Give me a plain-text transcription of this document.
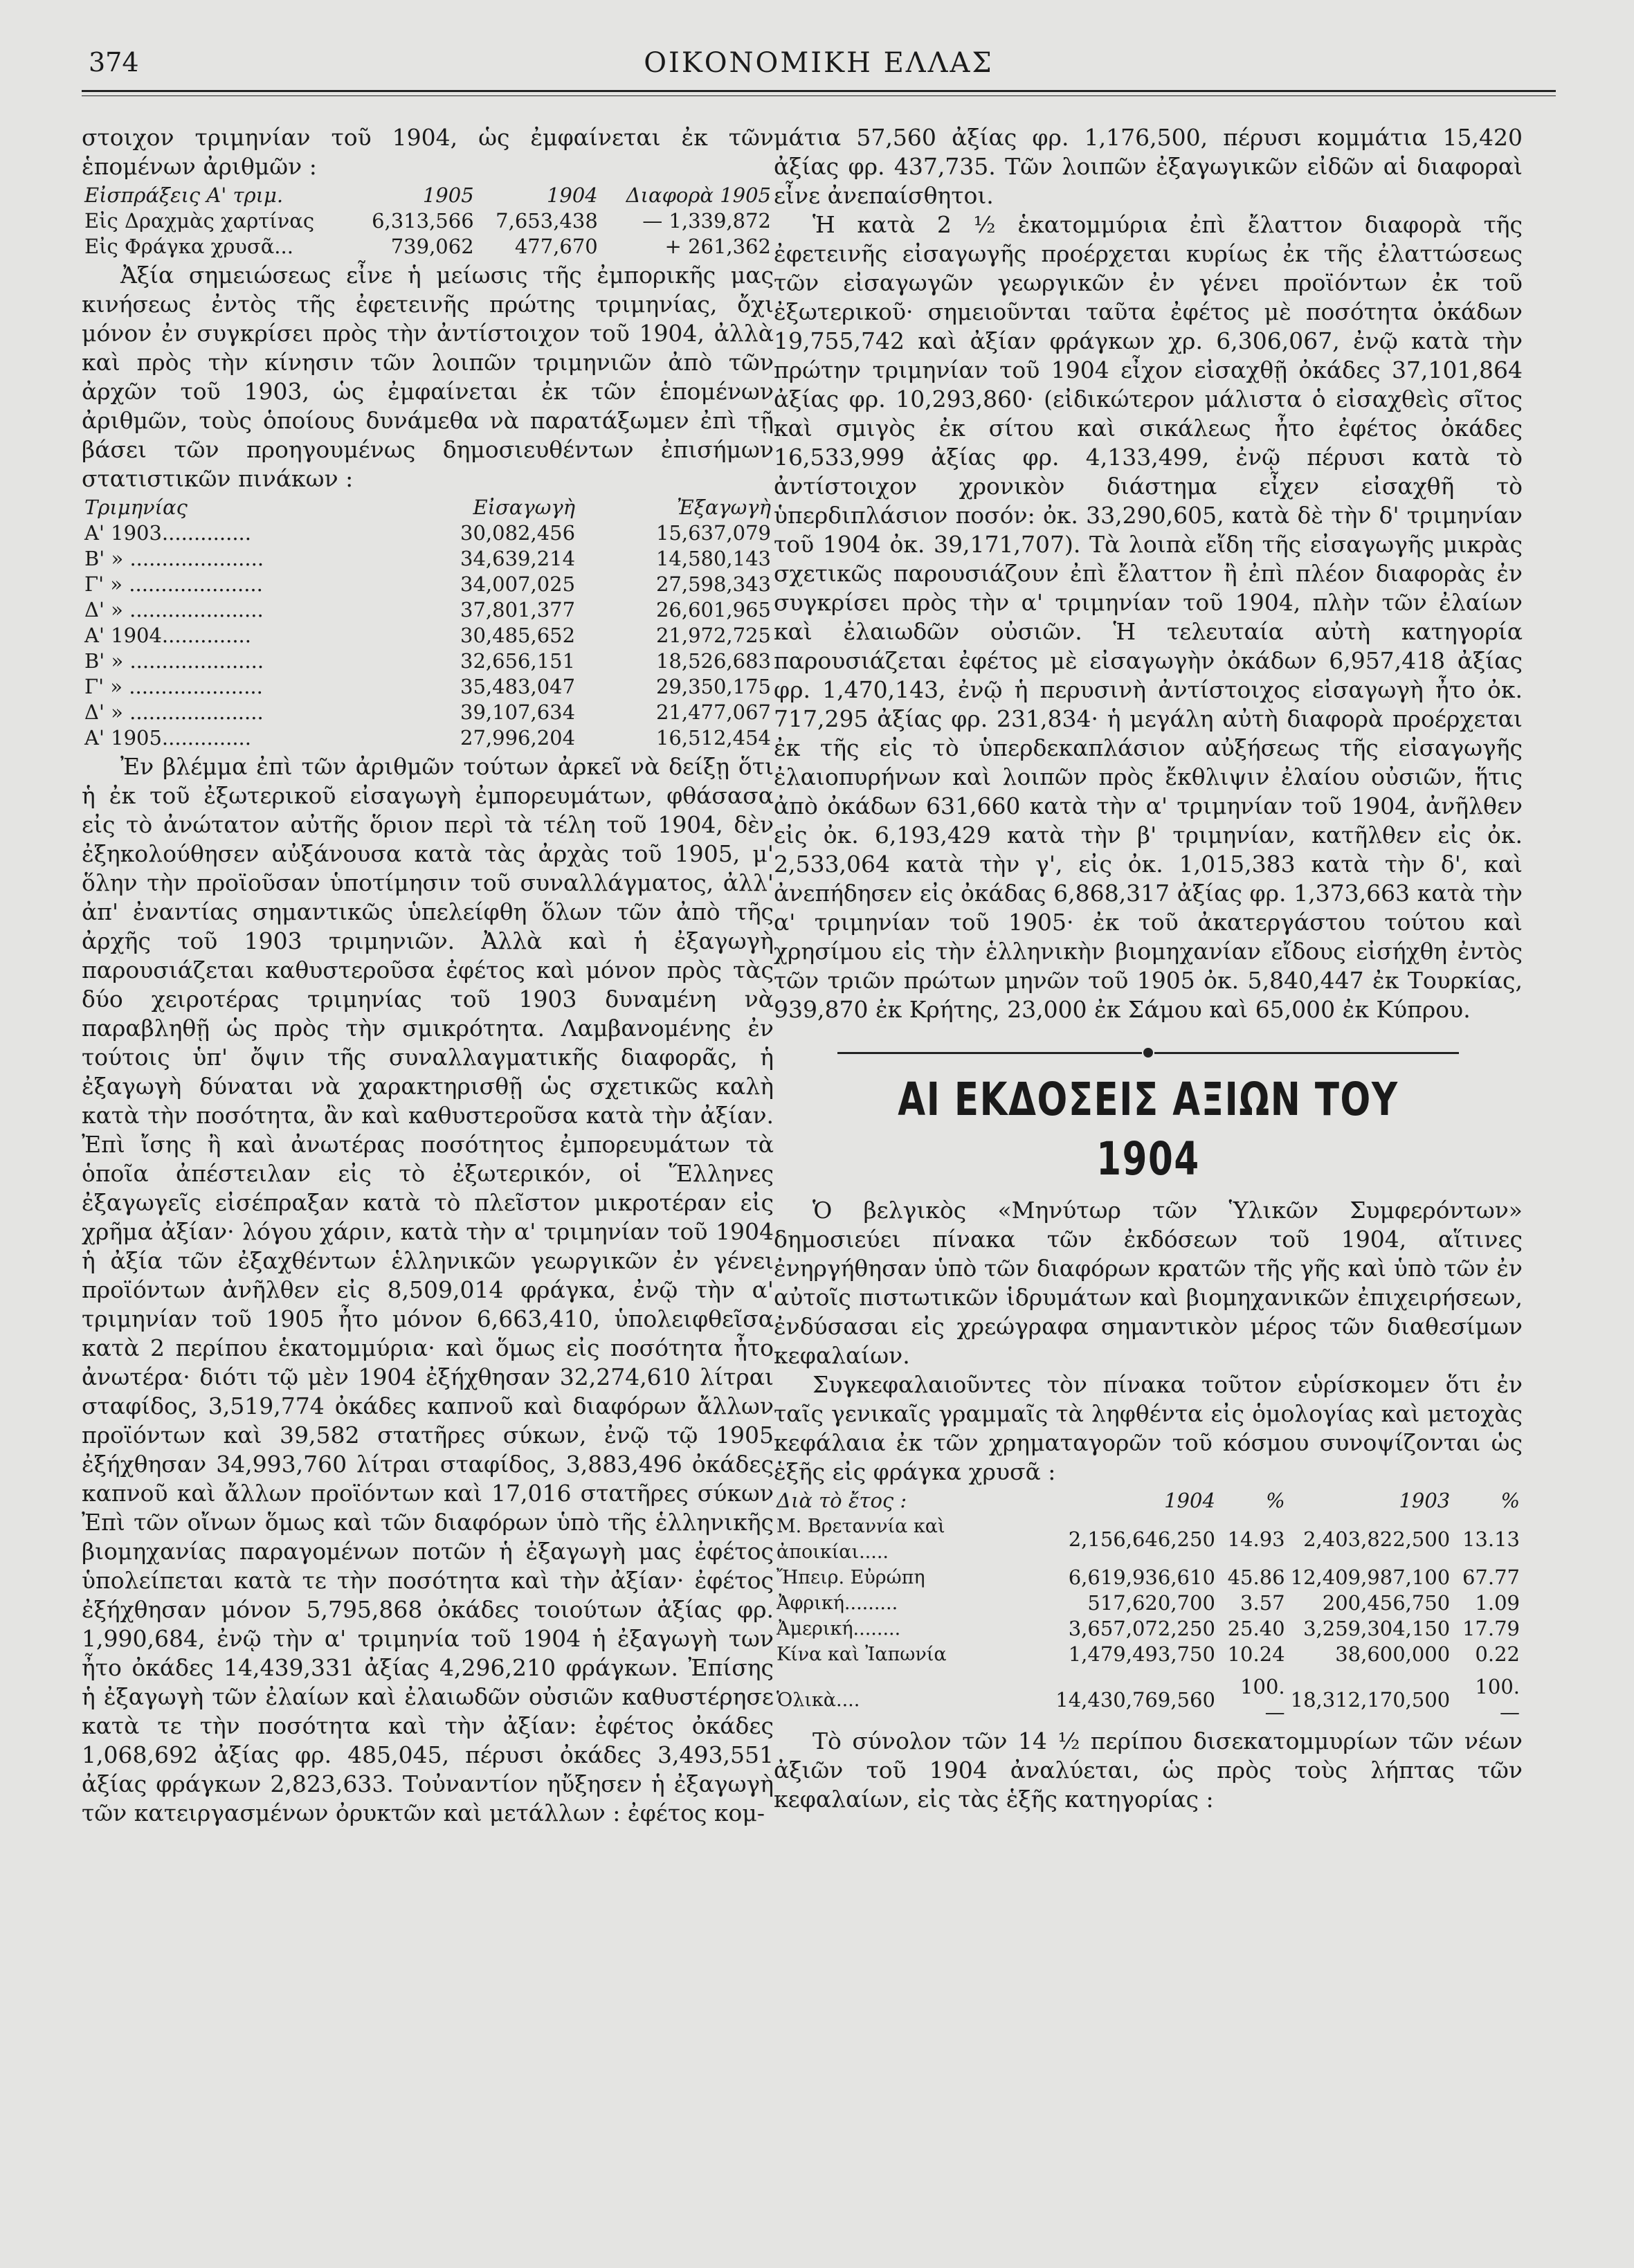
374	ΟΙΚΟΝΟΜΙΚΗ ΕΛΛΑΣ

στοιχον τριμηνίαν τοῦ 1904, ὡς ἐμφαίνεται ἐκ τῶν ἑπομένων ἀριθμῶν :

Εἰσπράξεις Α' τριμ.	1905	1904	Διαφορὰ 1905
Εἰς Δραχμὰς χαρτίνας	6,313,566	7,653,438	— 1,339,872
Εἰς Φράγκα χρυσᾶ...	739,062	477,670	+ 261,362

Ἀξία σημειώσεως εἶνε ἡ μείωσις τῆς ἐμπορικῆς μας κινήσεως ἐντὸς τῆς ἐφετεινῆς πρώτης τριμηνίας, ὄχι μόνον ἐν συγκρίσει πρὸς τὴν ἀντίστοιχον τοῦ 1904, ἀλλὰ καὶ πρὸς τὴν κίνησιν τῶν λοιπῶν τριμηνιῶν ἀπὸ τῶν ἀρχῶν τοῦ 1903, ὡς ἐμφαίνεται ἐκ τῶν ἑπομένων ἀριθμῶν, τοὺς ὁποίους δυνάμεθα νὰ παρατάξωμεν ἐπὶ τῇ βάσει τῶν προηγουμένως δημοσιευθέντων ἐπισήμων στατιστικῶν πινάκων :

Τριμηνίας	Εἰσαγωγὴ	Ἐξαγωγὴ
Α' 1903..............	30,082,456	15,637,079
Β' » .....................	34,639,214	14,580,143
Γ' » .....................	34,007,025	27,598,343
Δ' » .....................	37,801,377	26,601,965
Α' 1904..............	30,485,652	21,972,725
Β' » .....................	32,656,151	18,526,683
Γ' » .....................	35,483,047	29,350,175
Δ' » .....................	39,107,634	21,477,067
Α' 1905..............	27,996,204	16,512,454

Ἐν βλέμμα ἐπὶ τῶν ἀριθμῶν τούτων ἀρκεῖ νὰ δείξῃ ὅτι ἡ ἐκ τοῦ ἐξωτερικοῦ εἰσαγωγὴ ἐμπορευμάτων, φθάσασα εἰς τὸ ἀνώτατον αὐτῆς ὅριον περὶ τὰ τέλη τοῦ 1904, δὲν ἐξηκολούθησεν αὐξάνουσα κατὰ τὰς ἀρχὰς τοῦ 1905, μ' ὅλην τὴν προϊοῦσαν ὑποτίμησιν τοῦ συναλλάγματος, ἀλλ' ἀπ' ἐναντίας σημαντικῶς ὑπελείφθη ὅλων τῶν ἀπὸ τῆς ἀρχῆς τοῦ 1903 τριμηνιῶν. Ἀλλὰ καὶ ἡ ἐξαγωγὴ παρουσιάζεται καθυστεροῦσα ἐφέτος καὶ μόνον πρὸς τὰς δύο χειροτέρας τριμηνίας τοῦ 1903 δυναμένη νὰ παραβληθῇ ὡς πρὸς τὴν σμικρότητα. Λαμβανομένης ἐν τούτοις ὑπ' ὄψιν τῆς συναλλαγματικῆς διαφορᾶς, ἡ ἐξαγωγὴ δύναται νὰ χαρακτηρισθῇ ὡς σχετικῶς καλὴ κατὰ τὴν ποσότητα, ἂν καὶ καθυστεροῦσα κατὰ τὴν ἀξίαν. Ἐπὶ ἴσης ἢ καὶ ἀνωτέρας ποσότητος ἐμπορευμάτων τὰ ὁποῖα ἀπέστειλαν εἰς τὸ ἐξωτερικόν, οἱ Ἕλληνες ἐξαγωγεῖς εἰσέπραξαν κατὰ τὸ πλεῖστον μικροτέραν εἰς χρῆμα ἀξίαν· λόγου χάριν, κατὰ τὴν α' τριμηνίαν τοῦ 1904 ἡ ἀξία τῶν ἐξαχθέντων ἑλληνικῶν γεωργικῶν ἐν γένει προϊόντων ἀνῆλθεν εἰς 8,509,014 φράγκα, ἐνῷ τὴν α' τριμηνίαν τοῦ 1905 ἦτο μόνον 6,663,410, ὑπολειφθεῖσα κατὰ 2 περίπου ἑκατομμύρια· καὶ ὅμως εἰς ποσότητα ἦτο ἀνωτέρα· διότι τῷ μὲν 1904 ἐξήχθησαν 32,274,610 λίτραι σταφίδος, 3,519,774 ὀκάδες καπνοῦ καὶ διαφόρων ἄλλων προϊόντων καὶ 39,582 στατῆρες σύκων, ἐνῷ τῷ 1905 ἐξήχθησαν 34,993,760 λίτραι σταφίδος, 3,883,496 ὀκάδες καπνοῦ καὶ ἄλλων προϊόντων καὶ 17,016 στατῆρες σύκων Ἐπὶ τῶν οἴνων ὅμως καὶ τῶν διαφόρων ὑπὸ τῆς ἑλληνικῆς βιομηχανίας παραγομένων ποτῶν ἡ ἐξαγωγὴ μας ἐφέτος ὑπολείπεται κατὰ τε τὴν ποσότητα καὶ τὴν ἀξίαν· ἐφέτος ἐξήχθησαν μόνον 5,795,868 ὀκάδες τοιούτων ἀξίας φρ. 1,990,684, ἐνῷ τὴν α' τριμηνία τοῦ 1904 ἡ ἐξαγωγὴ των ἦτο ὀκάδες 14,439,331 ἀξίας 4,296,210 φράγκων. Ἐπίσης ἡ ἐξαγωγὴ τῶν ἐλαίων καὶ ἐλαιωδῶν οὐσιῶν καθυστέρησε κατὰ τε τὴν ποσότητα καὶ τὴν ἀξίαν: ἐφέτος ὀκάδες 1,068,692 ἀξίας φρ. 485,045, πέρυσι ὀκάδες 3,493,551 ἀξίας φράγκων 2,823,633. Τοὐναντίον ηὔξησεν ἡ ἐξαγωγὴ τῶν κατειργασμένων ὀρυκτῶν καὶ μετάλλων : ἐφέτος κομ-

μάτια 57,560 ἀξίας φρ. 1,176,500, πέρυσι κομμάτια 15,420 ἀξίας φρ. 437,735. Τῶν λοιπῶν ἐξαγωγικῶν εἰδῶν αἱ διαφοραὶ εἶνε ἀνεπαίσθητοι.

Ἡ κατὰ 2 ½ ἑκατομμύρια ἐπὶ ἔλαττον διαφορὰ τῆς ἐφετεινῆς εἰσαγωγῆς προέρχεται κυρίως ἐκ τῆς ἐλαττώσεως τῶν εἰσαγωγῶν γεωργικῶν ἐν γένει προϊόντων ἐκ τοῦ ἐξωτερικοῦ· σημειοῦνται ταῦτα ἐφέτος μὲ ποσότητα ὀκάδων 19,755,742 καὶ ἀξίαν φράγκων χρ. 6,306,067, ἐνῷ κατὰ τὴν πρώτην τριμηνίαν τοῦ 1904 εἶχον εἰσαχθῇ ὀκάδες 37,101,864 ἀξίας φρ. 10,293,860· (εἰδικώτερον μάλιστα ὁ εἰσαχθεὶς σῖτος καὶ σμιγὸς ἐκ σίτου καὶ σικάλεως ἦτο ἐφέτος ὀκάδες 16,533,999 ἀξίας φρ. 4,133,499, ἐνῷ πέρυσι κατὰ τὸ ἀντίστοιχον χρονικὸν διάστημα εἶχεν εἰσαχθῆ τὸ ὑπερδιπλάσιον ποσόν: ὀκ. 33,290,605, κατὰ δὲ τὴν δ' τριμηνίαν τοῦ 1904 ὀκ. 39,171,707). Τὰ λοιπὰ εἴδη τῆς εἰσαγωγῆς μικρὰς σχετικῶς παρουσιάζουν ἐπὶ ἔλαττον ἢ ἐπὶ πλέον διαφορὰς ἐν συγκρίσει πρὸς τὴν α' τριμηνίαν τοῦ 1904, πλὴν τῶν ἐλαίων καὶ ἐλαιωδῶν οὐσιῶν. Ἡ τελευταία αὐτὴ κατηγορία παρουσιάζεται ἐφέτος μὲ εἰσαγωγὴν ὀκάδων 6,957,418 ἀξίας φρ. 1,470,143, ἐνῷ ἡ περυσινὴ ἀντίστοιχος εἰσαγωγὴ ἦτο ὀκ. 717,295 ἀξίας φρ. 231,834· ἡ μεγάλη αὐτὴ διαφορὰ προέρχεται ἐκ τῆς εἰς τὸ ὑπερδεκαπλάσιον αὐξήσεως τῆς εἰσαγωγῆς ἐλαιοπυρήνων καὶ λοιπῶν πρὸς ἔκθλιψιν ἐλαίου οὐσιῶν, ἥτις ἀπὸ ὀκάδων 631,660 κατὰ τὴν α' τριμηνίαν τοῦ 1904, ἀνῆλθεν εἰς ὀκ. 6,193,429 κατὰ τὴν β' τριμηνίαν, κατῆλθεν εἰς ὀκ. 2,533,064 κατὰ τὴν γ', εἰς ὀκ. 1,015,383 κατὰ τὴν δ', καὶ ἀνεπήδησεν εἰς ὀκάδας 6,868,317 ἀξίας φρ. 1,373,663 κατὰ τὴν α' τριμηνίαν τοῦ 1905· ἐκ τοῦ ἀκατεργάστου τούτου καὶ χρησίμου εἰς τὴν ἑλληνικὴν βιομηχανίαν εἴδους εἰσήχθη ἐντὸς τῶν τριῶν πρώτων μηνῶν τοῦ 1905 ὀκ. 5,840,447 ἐκ Τουρκίας, 939,870 ἐκ Κρήτης, 23,000 ἐκ Σάμου καὶ 65,000 ἐκ Κύπρου.

ΑΙ ΕΚΔΟΣΕΙΣ ΑΞΙΩΝ ΤΟΥ 1904

Ὁ βελγικὸς «Μηνύτωρ τῶν Ὑλικῶν Συμφερόντων» δημοσιεύει πίνακα τῶν ἐκδόσεων τοῦ 1904, αἵτινες ἐνηργήθησαν ὑπὸ τῶν διαφόρων κρατῶν τῆς γῆς καὶ ὑπὸ τῶν ἐν αὐτοῖς πιστωτικῶν ἱδρυμάτων καὶ βιομηχανικῶν ἐπιχειρήσεων, ἐνδύσασαι εἰς χρεώγραφα σημαντικὸν μέρος τῶν διαθεσίμων κεφαλαίων.

Συγκεφαλαιοῦντες τὸν πίνακα τοῦτον εὑρίσκομεν ὅτι ἐν ταῖς γενικαῖς γραμμαῖς τὰ ληφθέντα εἰς ὁμολογίας καὶ μετοχὰς κεφάλαια ἐκ τῶν χρηματαγορῶν τοῦ κόσμου συνοψίζονται ὡς ἑξῆς εἰς φράγκα χρυσᾶ :

Διὰ τὸ ἔτος :	1904	%	1903	%
Μ. Βρεταννία καὶ ἀποικίαι.....	2,156,646,250	14.93	2,403,822,500	13.13
Ἤπειρ. Εὐρώπη	6,619,936,610	45.86	12,409,987,100	67.77
Ἀφρική.........	517,620,700	3.57	200,456,750	1.09
Ἀμερική........	3,657,072,250	25.40	3,259,304,150	17.79
Κίνα καὶ Ἰαπωνία	1,479,493,750	10.24	38,600,000	0.22
Ὁλικὰ....	14,430,769,560	100.—	18,312,170,500	100.—

Τὸ σύνολον τῶν 14 ½ περίπου δισεκατομμυρίων τῶν νέων ἀξιῶν τοῦ 1904 ἀναλύεται, ὡς πρὸς τοὺς λήπτας τῶν κεφαλαίων, εἰς τὰς ἑξῆς κατηγορίας :
